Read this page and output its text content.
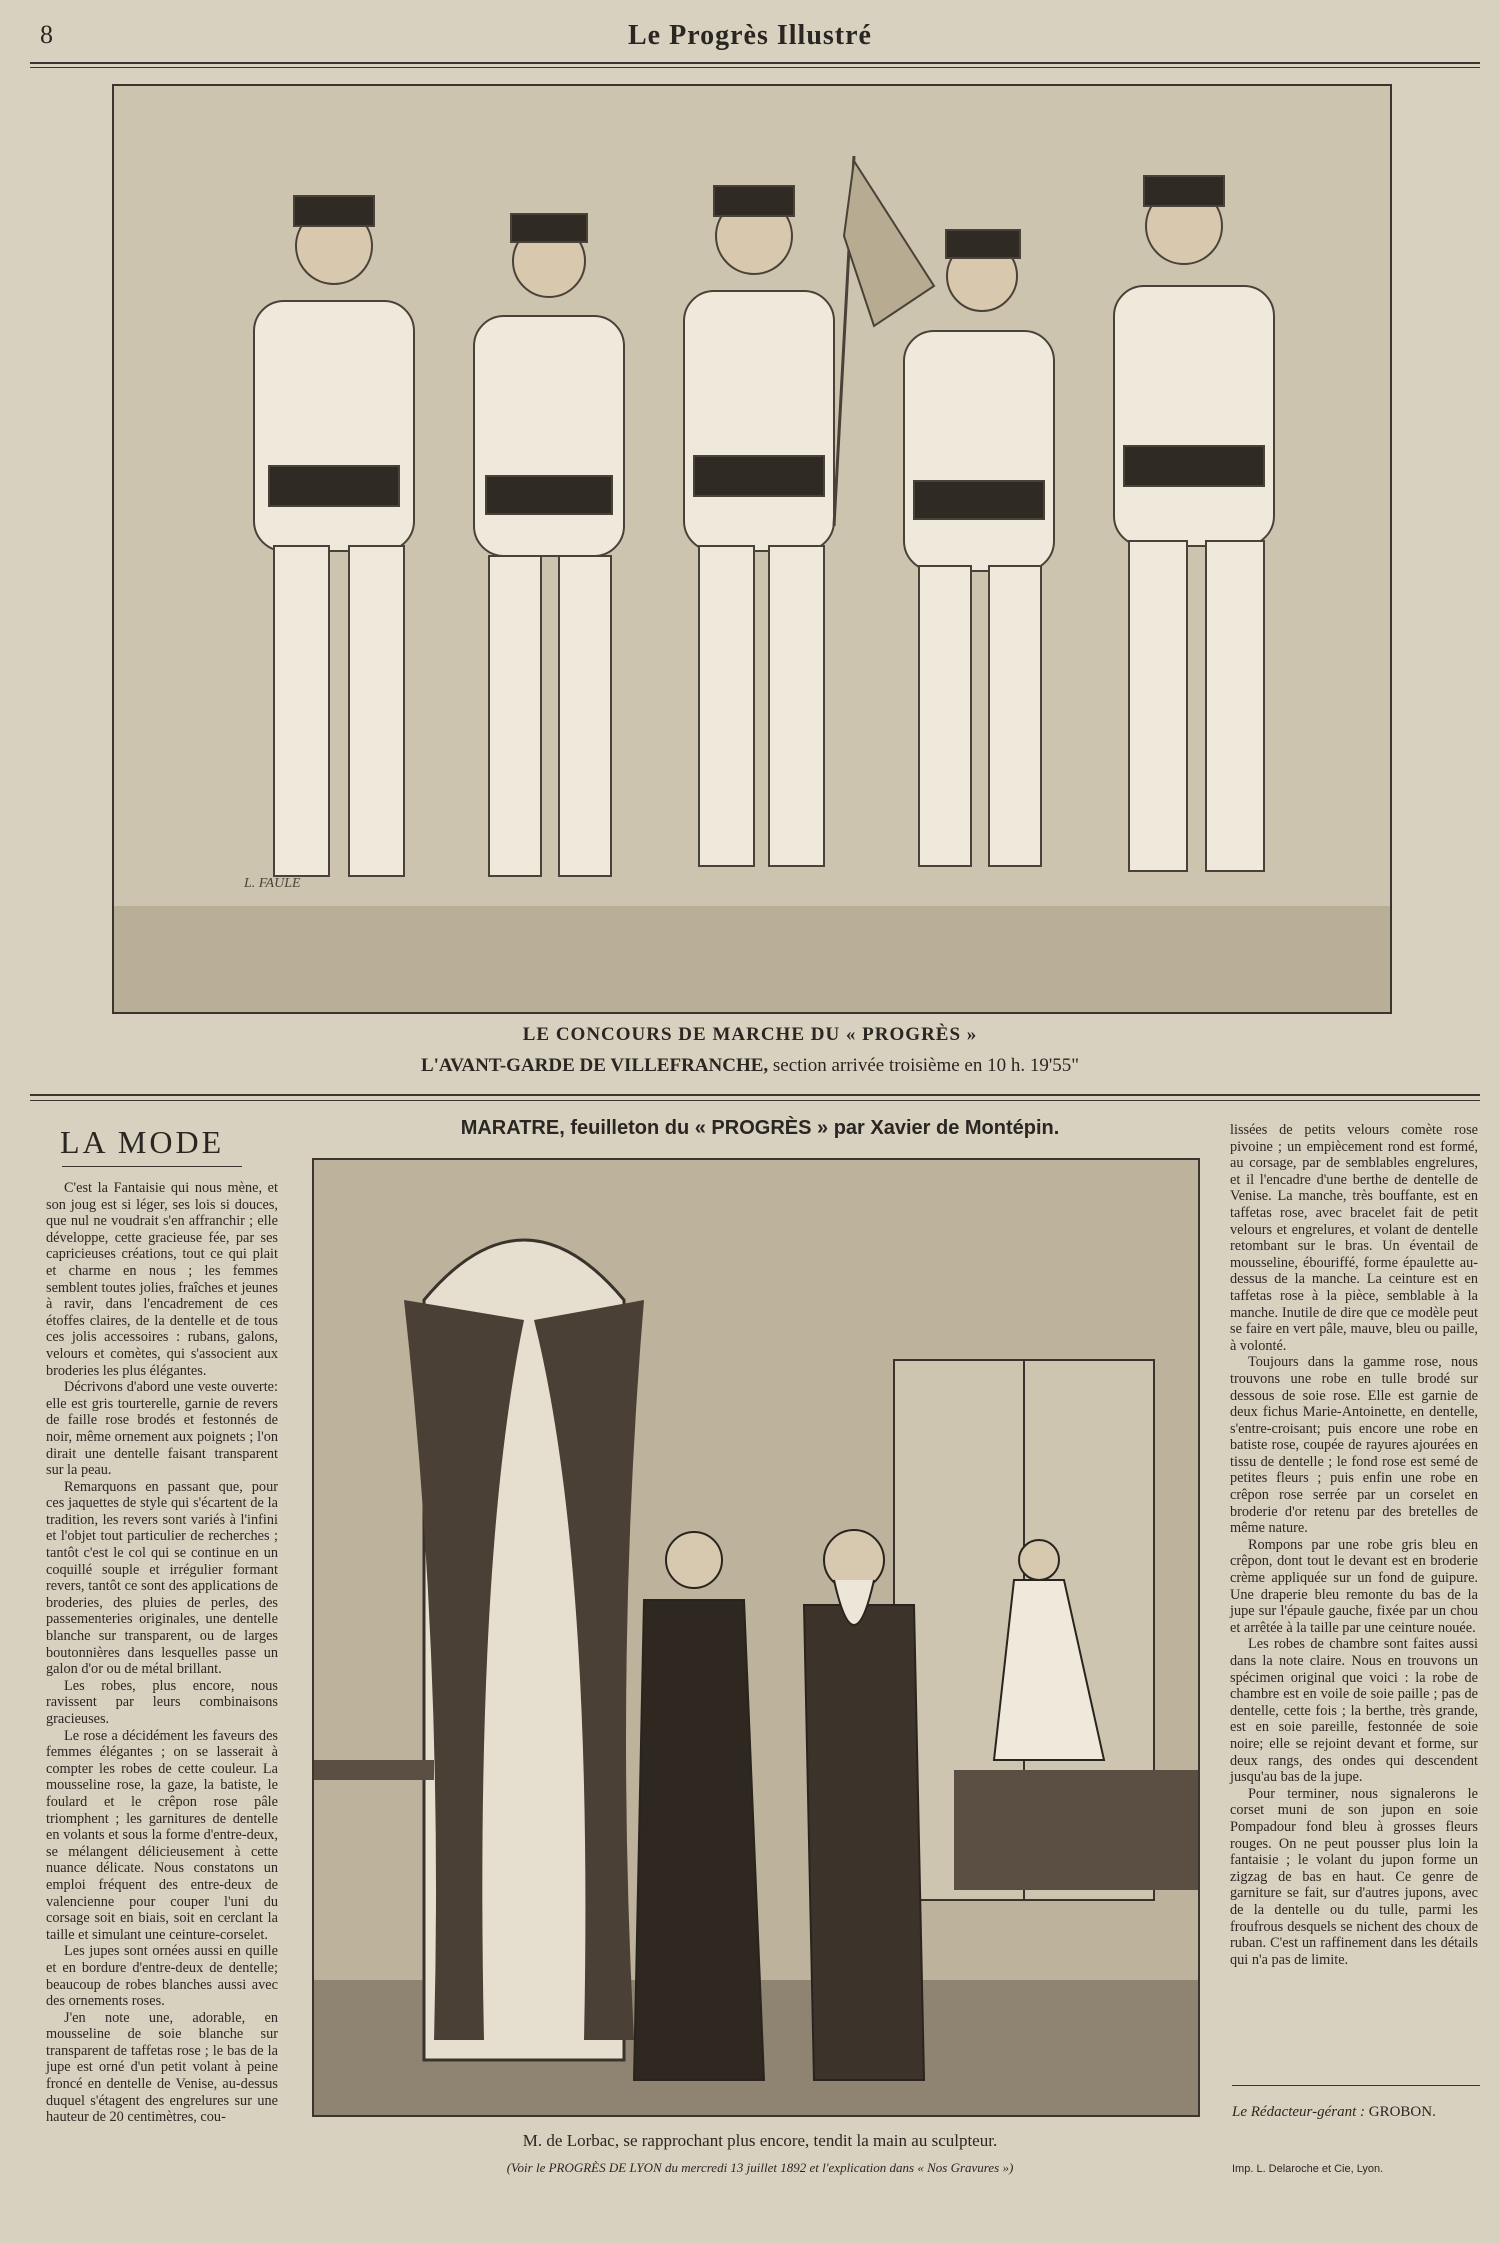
8	Le Progrès Illustré
L. FAULE
LE CONCOURS DE MARCHE DU « PROGRÈS »
L'AVANT-GARDE DE VILLEFRANCHE, section arrivée troisième en 10 h. 19'55"
LA MODE

C'est la Fantaisie qui nous mène, et son joug est si léger, ses lois si douces, que nul ne voudrait s'en affranchir ; elle développe, cette gracieuse fée, par ses capricieuses créations, tout ce qui plait et charme en nous ; les femmes semblent toutes jolies, fraîches et jeunes à ravir, dans l'encadrement de ces étoffes claires, de la dentelle et de tous ces jolis accessoires : rubans, galons, velours et comètes, qui s'associent aux broderies les plus élégantes.

Décrivons d'abord une veste ouverte: elle est gris tourterelle, garnie de revers de faille rose brodés et festonnés de noir, même ornement aux poignets ; l'on dirait une dentelle faisant transparent sur la peau.

Remarquons en passant que, pour ces jaquettes de style qui s'écartent de la tradition, les revers sont variés à l'infini et l'objet tout particulier de recherches ; tantôt c'est le col qui se continue en un coquillé souple et irrégulier formant revers, tantôt ce sont des applications de broderies, des pluies de perles, des passementeries originales, une dentelle blanche sur transparent, ou de larges boutonnières dans lesquelles passe un galon d'or ou de métal brillant.

Les robes, plus encore, nous ravissent par leurs combinaisons gracieuses.

Le rose a décidément les faveurs des femmes élégantes ; on se lasserait à compter les robes de cette couleur. La mousseline rose, la gaze, la batiste, le foulard et le crêpon rose pâle triomphent ; les garnitures de dentelle en volants et sous la forme d'entre-deux, se mélangent délicieusement à cette nuance délicate. Nous constatons un emploi fréquent des entre-deux de valencienne pour couper l'uni du corsage soit en biais, soit en cerclant la taille et simulant une ceinture-corselet.

Les jupes sont ornées aussi en quille et en bordure d'entre-deux de dentelle; beaucoup de robes blanches aussi avec des ornements roses.

J'en note une, adorable, en mousseline de soie blanche sur transparent de taffetas rose ; le bas de la jupe est orné d'un petit volant à peine froncé en dentelle de Venise, au-dessus duquel s'étagent des engrelures sur une hauteur de 20 centimètres, cou-

lissées de petits velours comète rose pivoine ; un empiècement rond est formé, au corsage, par de semblables engrelures, et il l'encadre d'une berthe de dentelle de Venise. La manche, très bouffante, est en taffetas rose, avec bracelet fait de petit velours et engrelures, et volant de dentelle retombant sur le bras. Un éventail de mousseline, ébouriffé, forme épaulette au-dessus de la manche. La ceinture est en taffetas rose à la pièce, semblable à la manche. Inutile de dire que ce modèle peut se faire en vert pâle, mauve, bleu ou paille, à volonté.

Toujours dans la gamme rose, nous trouvons une robe en tulle brodé sur dessous de soie rose. Elle est garnie de deux fichus Marie-Antoinette, en dentelle, s'entre-croisant; puis encore une robe en batiste rose, coupée de rayures ajourées en tissu de dentelle ; le fond rose est semé de petites fleurs ; puis enfin une robe en crêpon rose serrée par un corselet en broderie d'or retenu par des bretelles de même nature.

Rompons par une robe gris bleu en crêpon, dont tout le devant est en broderie crème appliquée sur un fond de guipure. Une draperie bleu remonte du bas de la jupe sur l'épaule gauche, fixée par un chou et arrêtée à la taille par une ceinture nouée.

Les robes de chambre sont faites aussi dans la note claire. Nous en trouvons un spécimen original que voici : la robe de chambre est en voile de soie paille ; pas de dentelle, cette fois ; la berthe, très grande, est en soie pareille, festonnée de soie noire; elle se rejoint devant et forme, sur deux rangs, des ondes qui descendent jusqu'au bas de la jupe.

Pour terminer, nous signalerons le corset muni de son jupon en soie Pompadour fond bleu à grosses fleurs rouges. On ne peut pousser plus loin la fantaisie ; le volant du jupon forme un zigzag de bas en haut. Ce genre de garniture se fait, sur d'autres jupons, avec de la dentelle ou du tulle, parmi les froufrous desquels se nichent des choux de ruban. C'est un raffinement dans les détails qui n'a pas de limite.

MARATRE, feuilleton du « PROGRÈS » par Xavier de Montépin.
M. de Lorbac, se rapprochant plus encore, tendit la main au sculpteur.
(Voir le PROGRÈS DE LYON du mercredi 13 juillet 1892 et l'explication dans « Nos Gravures »)
Le Rédacteur-gérant : GROBON.
Imp. L. Delaroche et Cie, Lyon.
